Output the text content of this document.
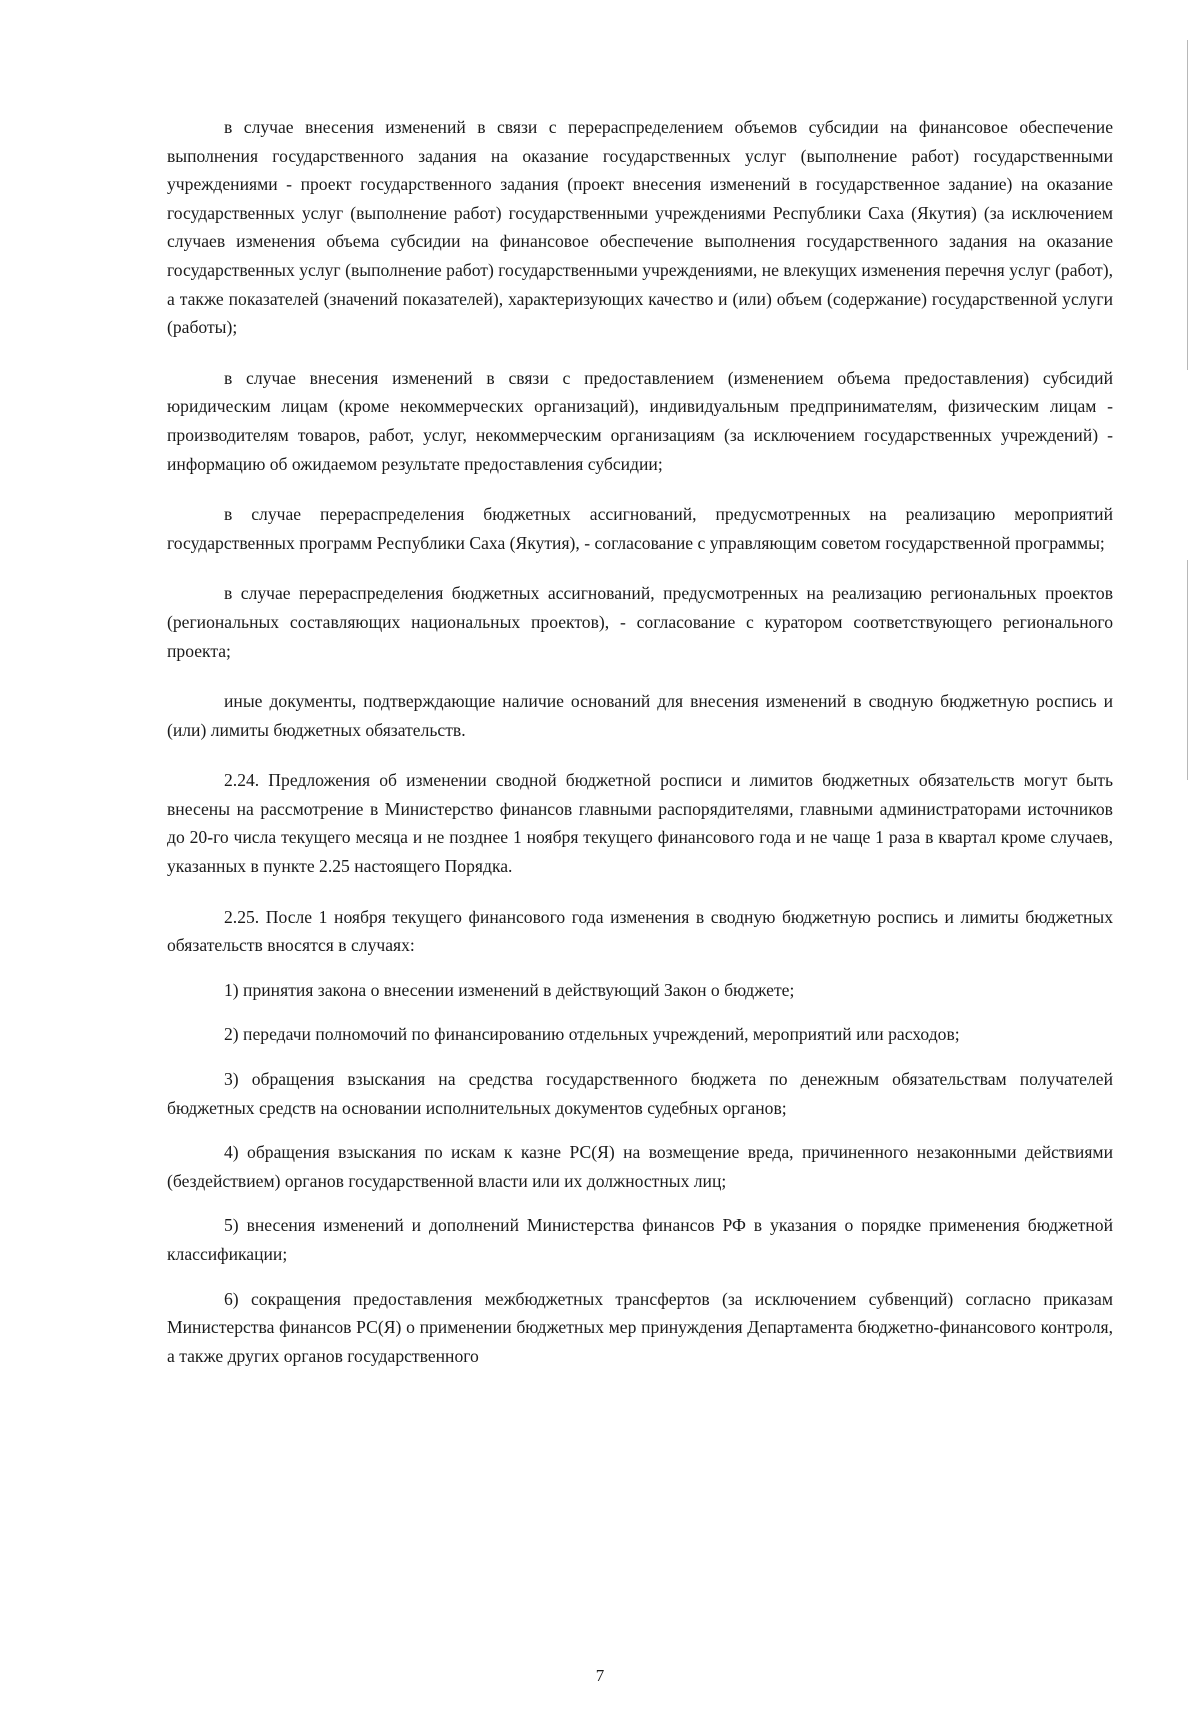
в случае внесения изменений в связи с перераспределением объемов субсидии на финансовое обеспечение выполнения государственного задания на оказание государственных услуг (выполнение работ) государственными учреждениями - проект государственного задания (проект внесения изменений в государственное задание) на оказание государственных услуг (выполнение работ) государственными учреждениями Республики Саха (Якутия) (за исключением случаев изменения объема субсидии на финансовое обеспечение выполнения государственного задания на оказание государственных услуг (выполнение работ) государственными учреждениями, не влекущих изменения перечня услуг (работ), а также показателей (значений показателей), характеризующих качество и (или) объем (содержание) государственной услуги (работы);

в случае внесения изменений в связи с предоставлением (изменением объема предоставления) субсидий юридическим лицам (кроме некоммерческих организаций), индивидуальным предпринимателям, физическим лицам - производителям товаров, работ, услуг, некоммерческим организациям (за исключением государственных учреждений) - информацию об ожидаемом результате предоставления субсидии;

в случае перераспределения бюджетных ассигнований, предусмотренных на реализацию мероприятий государственных программ Республики Саха (Якутия), - согласование с управляющим советом государственной программы;

в случае перераспределения бюджетных ассигнований, предусмотренных на реализацию региональных проектов (региональных составляющих национальных проектов), - согласование с куратором соответствующего регионального проекта;

иные документы, подтверждающие наличие оснований для внесения изменений в сводную бюджетную роспись и (или) лимиты бюджетных обязательств.

2.24. Предложения об изменении сводной бюджетной росписи и лимитов бюджетных обязательств могут быть внесены на рассмотрение в Министерство финансов главными распорядителями, главными администраторами источников до 20-го числа текущего месяца и не позднее 1 ноября текущего финансового года и не чаще 1 раза в квартал кроме случаев, указанных в пункте 2.25 настоящего Порядка.

2.25. После 1 ноября текущего финансового года изменения в сводную бюджетную роспись и лимиты бюджетных обязательств вносятся в случаях:

1) принятия закона о внесении изменений в действующий Закон о бюджете;

2) передачи полномочий по финансированию отдельных учреждений, мероприятий или расходов;

3) обращения взыскания на средства государственного бюджета по денежным обязательствам получателей бюджетных средств на основании исполнительных документов судебных органов;

4) обращения взыскания по искам к казне РС(Я) на возмещение вреда, причиненного незаконными действиями (бездействием) органов государственной власти или их должностных лиц;

5) внесения изменений и дополнений Министерства финансов РФ в указания о порядке применения бюджетной классификации;

6) сокращения предоставления межбюджетных трансфертов (за исключением субвенций) согласно приказам Министерства финансов РС(Я) о применении бюджетных мер принуждения Департамента бюджетно-финансового контроля, а также других органов государственного

7
